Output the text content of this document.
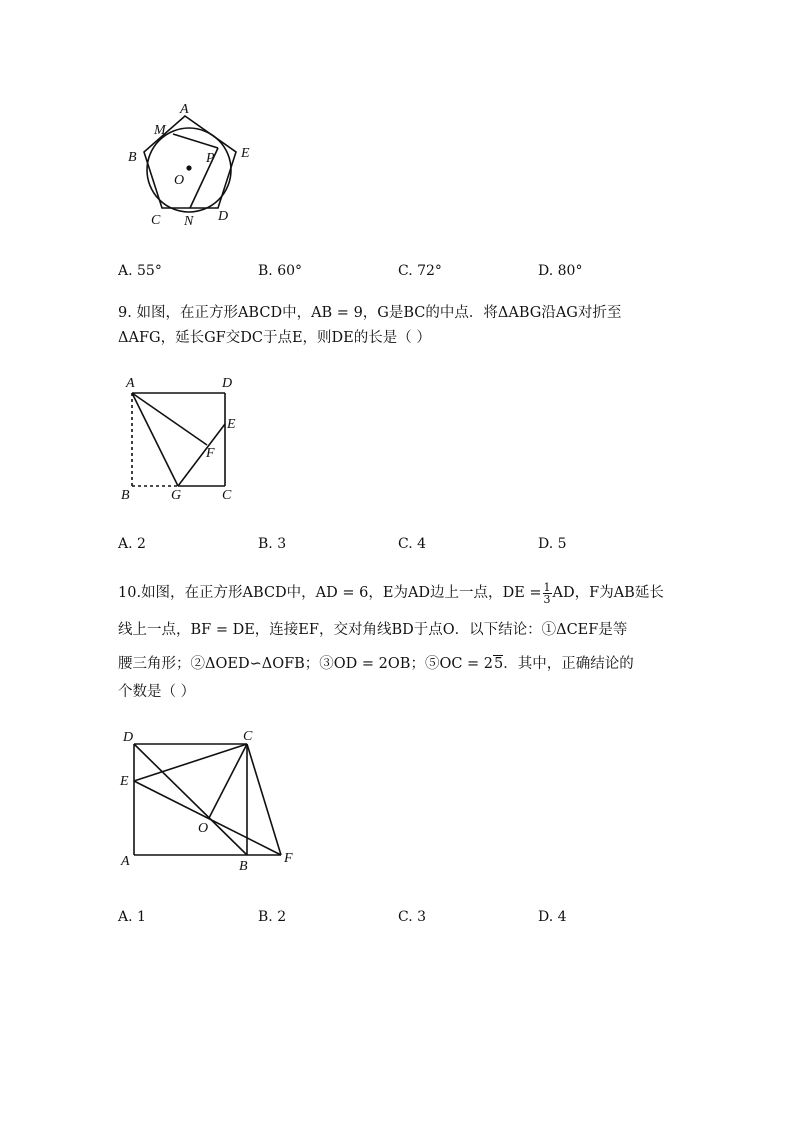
A
M
B	P E
O
C N D
A. 55°	B. 60°	C. 72°	D. 80°
9. 如图，在正方形ABCD中，AB = 9，G是BC的中点．将ΔABG沿AG对折至
ΔAFG，延长GF交DC于点E，则DE的长是（ ）
A	D
E
F
B	G	C
A. 2	B. 3	C. 4	D. 5
10.如图，在正方形ABCD中，AD = 6，E为AD边上一点，DE = $\frac{1}{3}$ AD，F为AB延长
线上一点，BF = DE，连接EF，交对角线BD于点O．以下结论：①ΔCEF是等
腰三角形；②ΔOED∽ΔOFB；③OD = 2OB；⑤OC = 25．其中，正确结论的
个数是（ ）
D	C
E
O
A	B
F
A. 1	B. 2	C. 3	D. 4
